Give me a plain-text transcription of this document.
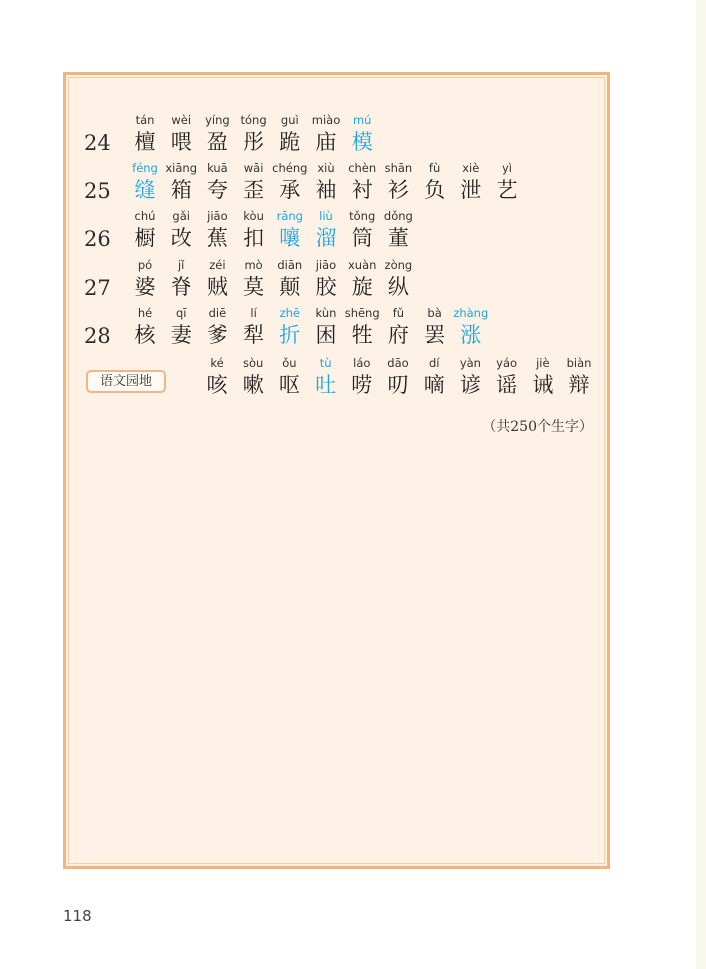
24
tán
檀
wèi
喂
yíng
盈
tóng
彤
guì
跪
miào
庙
mú
模
25
féng
缝
xiāng
箱
kuā
夸
wāi
歪
chéng
承
xiù
袖
chèn
衬
shān
衫
fù
负
xiè
泄
yì
艺
26
chú
橱
gǎi
改
jiāo
蕉
kòu
扣
rāng
嚷
liù
溜
tǒng
筒
dǒng
董
27
pó
婆
jǐ
脊
zéi
贼
mò
莫
diān
颠
jiāo
胶
xuàn
旋
zòng
纵
28
hé
核
qī
妻
diē
爹
lí
犁
zhē
折
kùn
困
shēng
牲
fǔ
府
bà
罢
zhàng
涨
ké
咳
sòu
嗽
ǒu
呕
tù
吐
láo
唠
dāo
叨
dí
嘀
yàn
谚
yáo
谣
jiè
诫
biàn
辩
语文园地
（共250个生字）
118
